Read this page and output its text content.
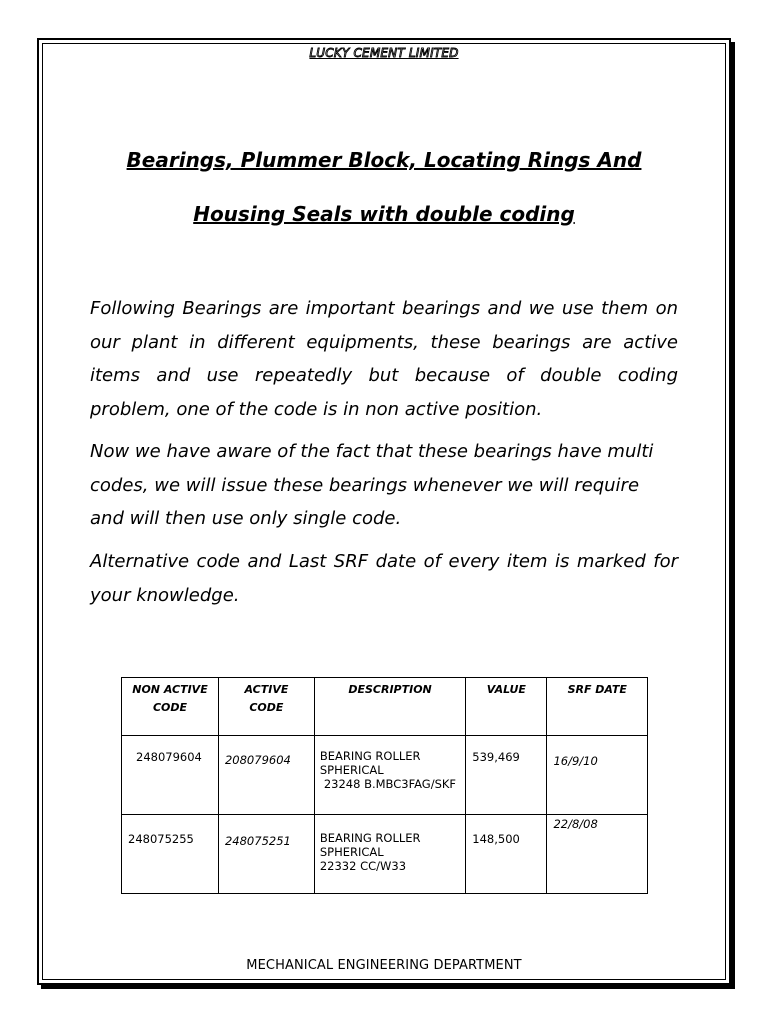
LUCKY CEMENT LIMITED
Bearings, Plummer Block, Locating Rings And
Housing Seals with double coding

Following Bearings are important bearings and we use them on our plant in different equipments, these bearings are active items and use repeatedly but because of double coding problem, one of the code is in non active position.

Now we have aware of the fact that these bearings have multi codes, we will issue these bearings whenever we will require and will then use only single code.

Alternative code and Last SRF date of every item is marked for your knowledge.

NON ACTIVE
CODE	ACTIVE
CODE	DESCRIPTION	VALUE	SRF DATE

248079604	208079604	BEARING ROLLER
SPHERICAL
23248 B.MBC3FAG/SKF	539,469	16/9/10

248075255	248075251	BEARING ROLLER
SPHERICAL
22332 CC/W33	148,500	22/8/08
MECHANICAL ENGINEERING DEPARTMENT
